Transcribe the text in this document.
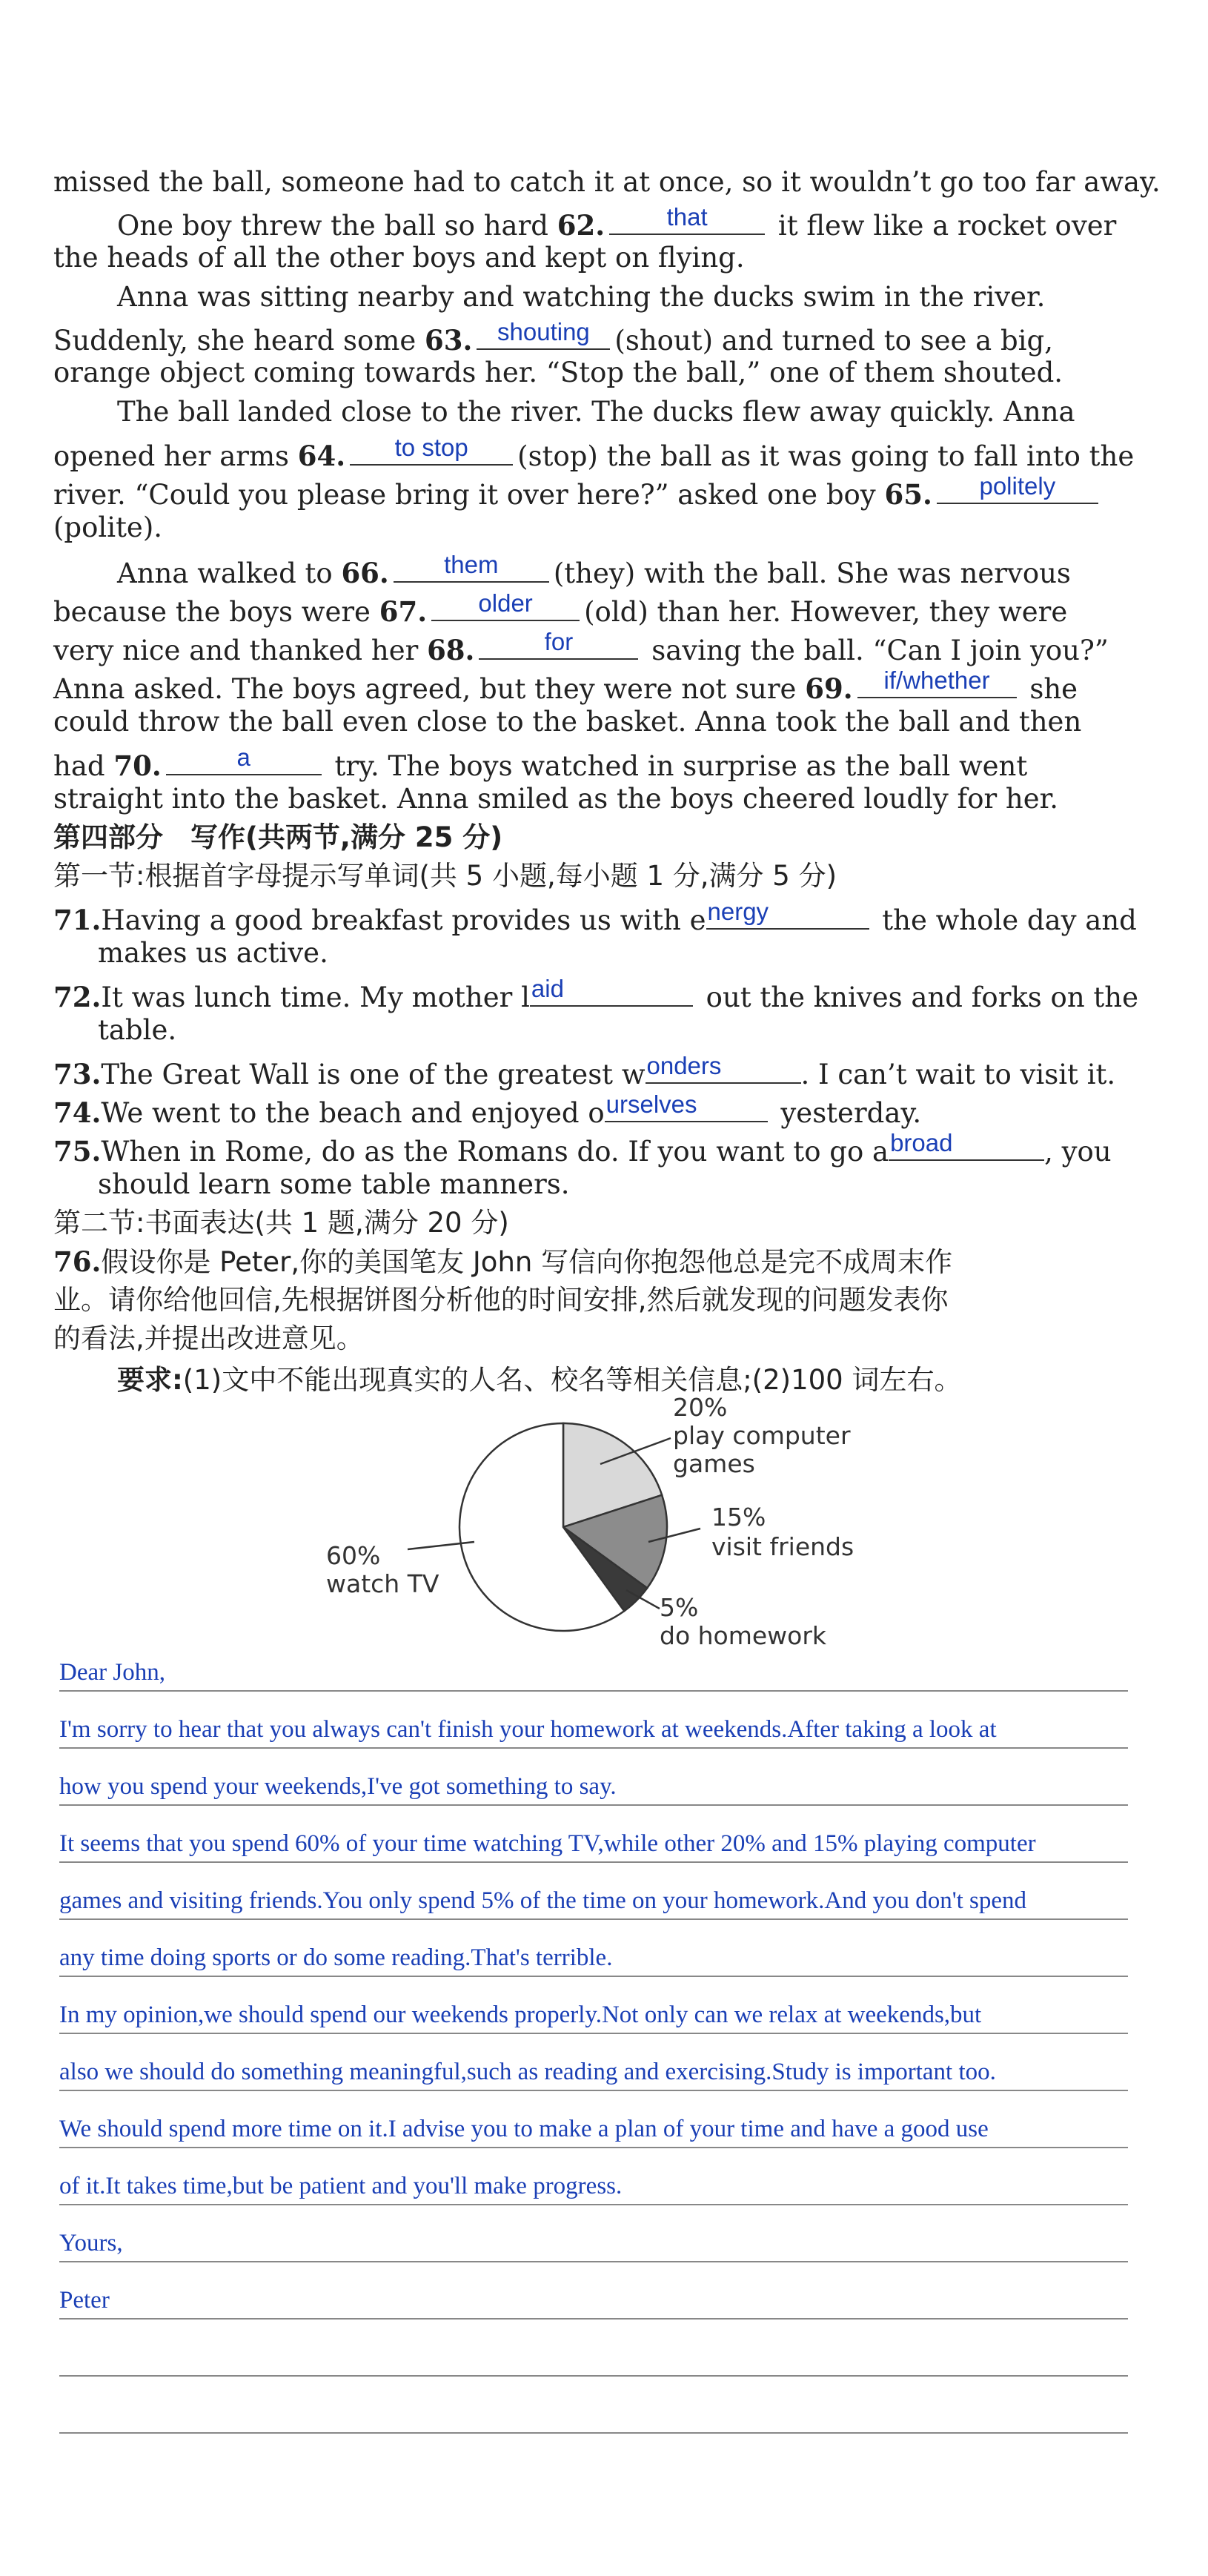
missed the ball, someone had to catch it at once, so it wouldn’t go too far away.
One boy threw the ball so hard 62.	that	it flew like a rocket over
the heads of all the other boys and kept on flying.
Anna was sitting nearby and watching the ducks swim in the river.
Suddenly, she heard some 63.	shouting (shout) and turned to see a big,
orange object coming towards her. “Stop the ball,” one of them shouted.
The ball landed close to the river. The ducks flew away quickly. Anna
opened her arms 64.	to stop	(stop) the ball as it was going to fall into the
river. “Could you please bring it over here?” asked one boy 65.	politely
(polite).
Anna walked to 66.	them	(they) with the ball. She was nervous
because the boys were 67.	older	(old) than her. However, they were
very nice and thanked her 68.	for	saving the ball. “Can I join you?”
Anna asked. The boys agreed, but they were not sure 69.	if/whether	she
could throw the ball even close to the basket. Anna took the ball and then
had 70.	a	try. The boys watched in surprise as the ball went
straight into the basket. Anna smiled as the boys cheered loudly for her.
第四部分　写作(共两节,满分 25 分)
第一节:根据首字母提示写单词(共 5 小题,每小题 1 分,满分 5 分)
71.Having a good breakfast provides us with e nergy	the whole day and
makes us active.
72.It was lunch time. My mother l aid	out the knives and forks on the
table.
73.The Great Wall is one of the greatest w onders	. I can’t wait to visit it.
74.We went to the beach and enjoyed o urselves	yesterday.
75.When in Rome, do as the Romans do. If you want to go a broad	, you
should learn some table manners.
第二节:书面表达(共 1 题,满分 20 分)
76.假设你是 Peter,你的美国笔友 John 写信向你抱怨他总是完不成周末作
业。请你给他回信,先根据饼图分析他的时间安排,然后就发现的问题发表你
的看法,并提出改进意见。
要求:(1)文中不能出现真实的人名、校名等相关信息;(2)100 词左右。
60%
watch TV
20%
play computer
games
15%
visit friends
5%
do homework
Dear John,
I'm sorry to hear that you always can't finish your homework at weekends.After taking a look at
how you spend your weekends,I've got something to say.
It seems that you spend 60% of your time watching TV,while other 20% and 15% playing computer
games and visiting friends.You only spend 5% of the time on your homework.And you don't spend
any time doing sports or do some reading.That's terrible.
In my opinion,we should spend our weekends properly.Not only can we relax at weekends,but
also we should do something meaningful,such as reading and exercising.Study is important too.
We should spend more time on it.I advise you to make a plan of your time and have a good use
of it.It takes time,but be patient and you'll make progress.
Yours,
Peter
